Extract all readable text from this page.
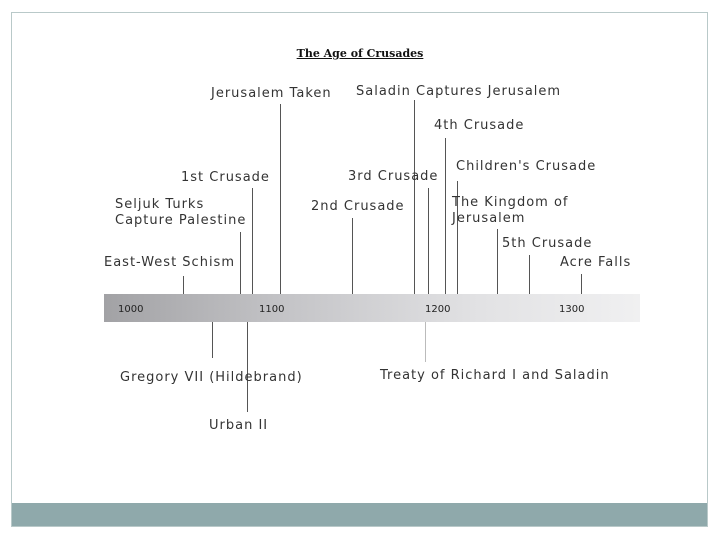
The Age of Crusades
1000	1100	1200	1300
East-West Schism
Seljuk Turks
Capture Palestine
1st Crusade
Jerusalem Taken
2nd Crusade
3rd Crusade
Saladin Captures Jerusalem
4th Crusade
Children's Crusade
The Kingdom of
Jerusalem
5th Crusade
Acre Falls
Gregory VII (Hildebrand)
Urban II
Treaty of Richard I and Saladin
